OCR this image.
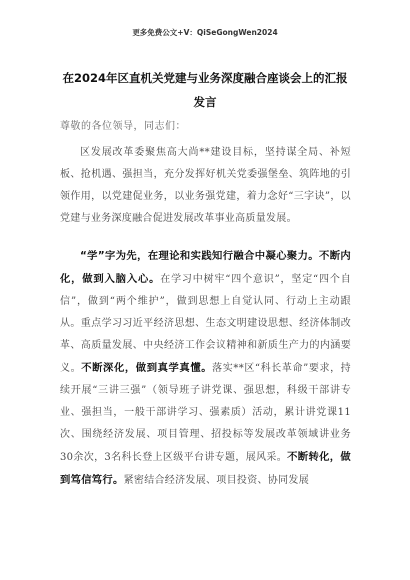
更多免费公文+V：QiSeGongWen2024
在2024年区直机关党建与业务深度融合座谈会上的汇报发言
尊敬的各位领导，同志们：

区发展改革委聚焦高大尚**建设目标，坚持谋全局、补短板、抢机遇、强担当，充分发挥好机关党委强堡垒、筑阵地的引领作用，以党建促业务，以业务强党建，着力念好“三字诀”，以党建与业务深度融合促进发展改革事业高质量发展。

“学”字为先，在理论和实践知行融合中凝心聚力。不断内化，做到入脑入心。在学习中树牢“四个意识”，坚定“四个自信”，做到“两个维护”，做到思想上自觉认同、行动上主动跟从。重点学习习近平经济思想、生态文明建设思想、经济体制改革、高质量发展、中央经济工作会议精神和新质生产力的内涵要义。不断深化，做到真学真懂。落实**区“科长革命”要求，持续开展“三讲三强”（领导班子讲党课、强思想，科级干部讲专业、强担当，一般干部讲学习、强素质）活动，累计讲党课11次、围绕经济发展、项目管理、招投标等发展改革领域讲业务30余次，3名科长登上区级平台讲专题，展风采。不断转化，做到笃信笃行。紧密结合经济发展、项目投资、协同发展
